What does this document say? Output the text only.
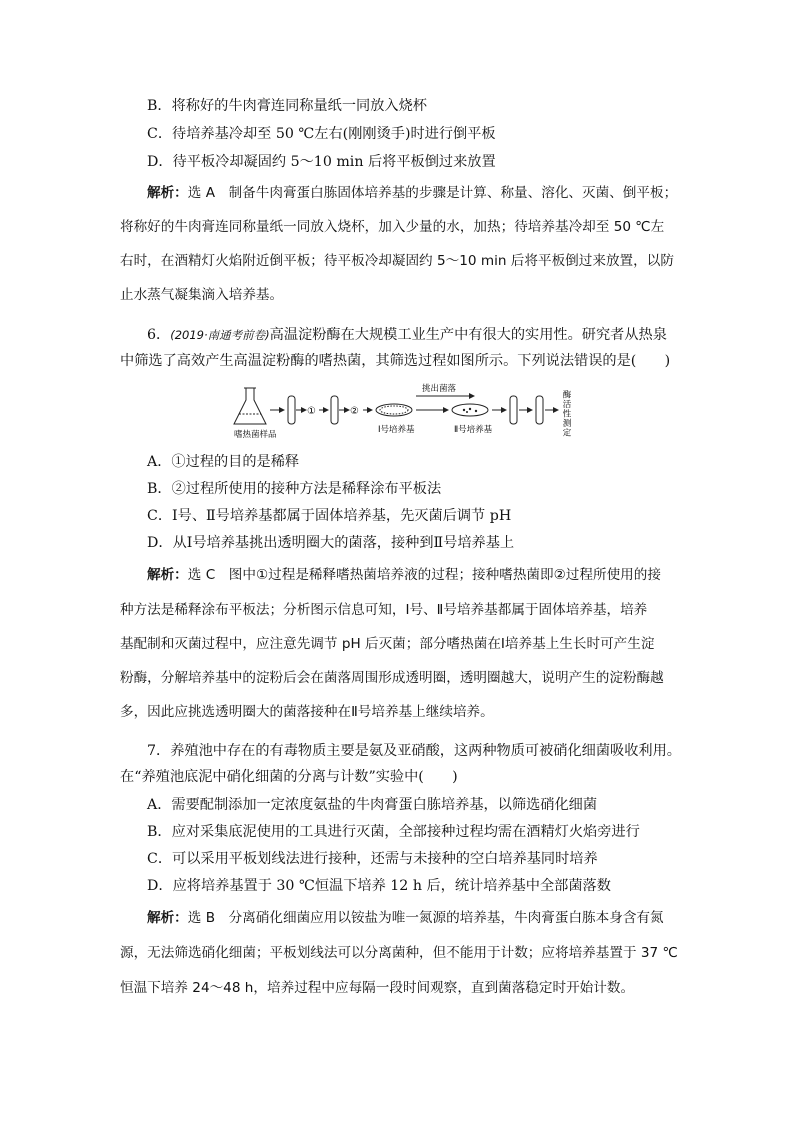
B．将称好的牛肉膏连同称量纸一同放入烧杯
C．待培养基冷却至 50 ℃左右(刚刚烫手)时进行倒平板
D．待平板冷却凝固约 5～10 min 后将平板倒过来放置
解析：选 A　制备牛肉膏蛋白胨固体培养基的步骤是计算、称量、溶化、灭菌、倒平板；
将称好的牛肉膏连同称量纸一同放入烧杯，加入少量的水，加热；待培养基冷却至 50 ℃左
右时，在酒精灯火焰附近倒平板；待平板冷却凝固约 5～10 min 后将平板倒过来放置，以防
止水蒸气凝集滴入培养基。
6．(2019·南通考前卷)高温淀粉酶在大规模工业生产中有很大的实用性。研究者从热泉
中筛选了高效产生高温淀粉酶的嗜热菌，其筛选过程如图所示。下列说法错误的是(　　)
嗜热菌样品
①	②
Ⅰ号培养基
挑出菌落
Ⅱ号培养基	酶活性测定
A．①过程的目的是稀释
B．②过程所使用的接种方法是稀释涂布平板法
C．Ⅰ号、Ⅱ号培养基都属于固体培养基，先灭菌后调节 pH
D．从Ⅰ号培养基挑出透明圈大的菌落，接种到Ⅱ号培养基上
解析：选 C　图中①过程是稀释嗜热菌培养液的过程；接种嗜热菌即②过程所使用的接
种方法是稀释涂布平板法；分析图示信息可知，Ⅰ号、Ⅱ号培养基都属于固体培养基，培养
基配制和灭菌过程中，应注意先调节 pH 后灭菌；部分嗜热菌在Ⅰ培养基上生长时可产生淀
粉酶，分解培养基中的淀粉后会在菌落周围形成透明圈，透明圈越大，说明产生的淀粉酶越
多，因此应挑选透明圈大的菌落接种在Ⅱ号培养基上继续培养。
7．养殖池中存在的有毒物质主要是氨及亚硝酸，这两种物质可被硝化细菌吸收利用。
在“养殖池底泥中硝化细菌的分离与计数”实验中(　　)
A．需要配制添加一定浓度氨盐的牛肉膏蛋白胨培养基，以筛选硝化细菌
B．应对采集底泥使用的工具进行灭菌，全部接种过程均需在酒精灯火焰旁进行
C．可以采用平板划线法进行接种，还需与未接种的空白培养基同时培养
D．应将培养基置于 30 ℃恒温下培养 12 h 后，统计培养基中全部菌落数
解析：选 B　分离硝化细菌应用以铵盐为唯一氮源的培养基，牛肉膏蛋白胨本身含有氮
源，无法筛选硝化细菌；平板划线法可以分离菌种，但不能用于计数；应将培养基置于 37 ℃
恒温下培养 24～48 h，培养过程中应每隔一段时间观察，直到菌落稳定时开始计数。
